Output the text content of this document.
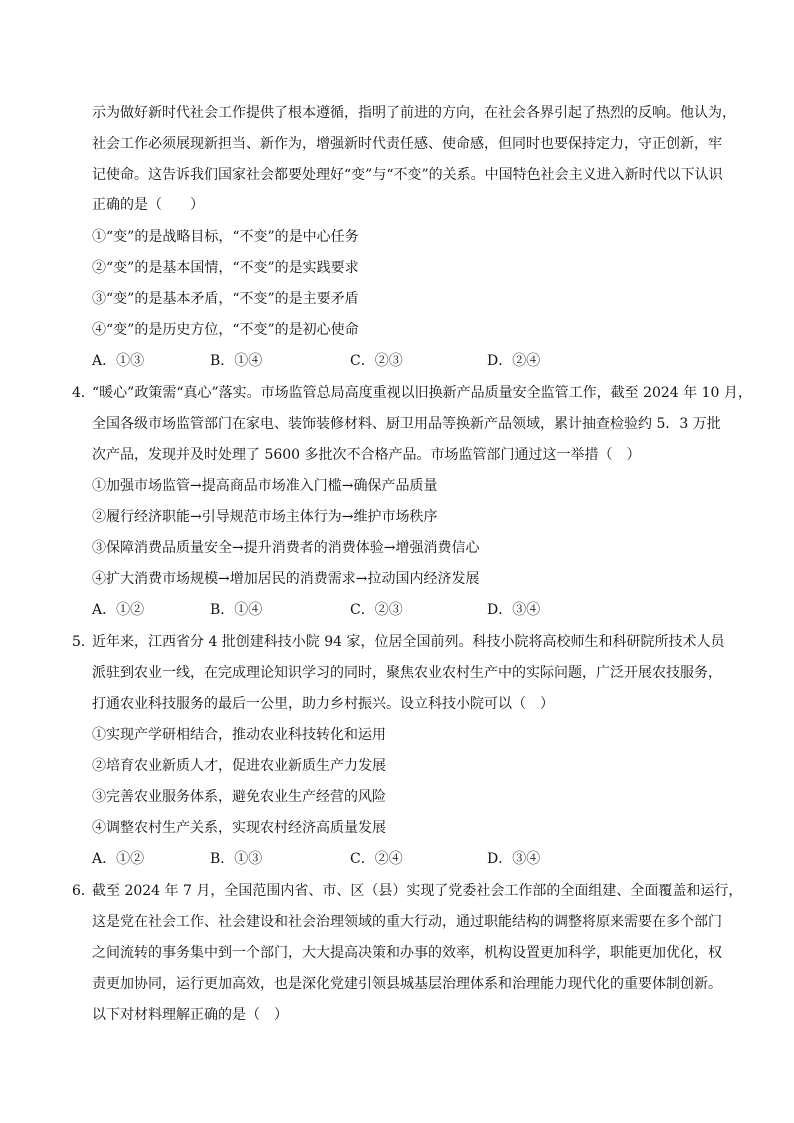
示为做好新时代社会工作提供了根本遵循，指明了前进的方向，在社会各界引起了热烈的反响。他认为，
社会工作必须展现新担当、新作为，增强新时代责任感、使命感，但同时也要保持定力，守正创新，牢
记使命。这告诉我们国家社会都要处理好“变”与“不变”的关系。中国特色社会主义进入新时代以下认识
正确的是（　　）
①“变”的是战略目标，“不变”的是中心任务
②“变”的是基本国情，“不变”的是实践要求
③“变”的是基本矛盾，“不变”的是主要矛盾
④“变”的是历史方位，“不变”的是初心使命
A．①③	B．①④	C．②③	D．②④
4．
“暖心”政策需“真心”落实。市场监管总局高度重视以旧换新产品质量安全监管工作，截至 2024 年 10 月，
全国各级市场监管部门在家电、装饰装修材料、厨卫用品等换新产品领域，累计抽查检验约 5．3 万批
次产品，发现并及时处理了 5600 多批次不合格产品。市场监管部门通过这一举措（　）
①加强市场监管→提高商品市场准入门槛→确保产品质量
②履行经济职能→引导规范市场主体行为→维护市场秩序
③保障消费品质量安全→提升消费者的消费体验→增强消费信心
④扩大消费市场规模→增加居民的消费需求→拉动国内经济发展
A．①②	B．①④	C．②③	D．③④
5．
近年来，江西省分 4 批创建科技小院 94 家，位居全国前列。科技小院将高校师生和科研院所技术人员
派驻到农业一线，在完成理论知识学习的同时，聚焦农业农村生产中的实际问题，广泛开展农技服务，
打通农业科技服务的最后一公里，助力乡村振兴。设立科技小院可以（　）
①实现产学研相结合，推动农业科技转化和运用
②培育农业新质人才，促进农业新质生产力发展
③完善农业服务体系，避免农业生产经营的风险
④调整农村生产关系，实现农村经济高质量发展
A．①②	B．①③	C．②④	D．③④
6．
截至 2024 年 7 月，全国范围内省、市、区（县）实现了党委社会工作部的全面组建、全面覆盖和运行，
这是党在社会工作、社会建设和社会治理领域的重大行动，通过职能结构的调整将原来需要在多个部门
之间流转的事务集中到一个部门，大大提高决策和办事的效率，机构设置更加科学，职能更加优化，权
责更加协同，运行更加高效，也是深化党建引领县城基层治理体系和治理能力现代化的重要体制创新。
以下对材料理解正确的是（　）
